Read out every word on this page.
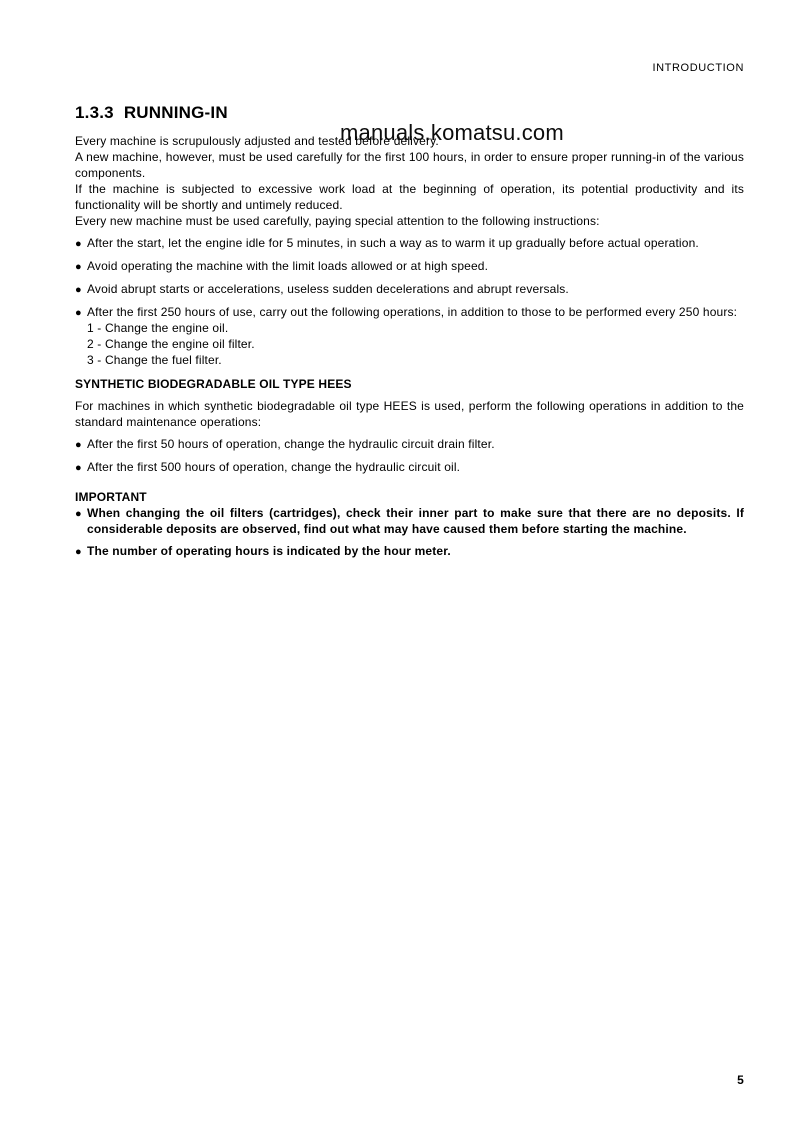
INTRODUCTION
manuals.komatsu.com
1.3.3 RUNNING-IN

Every machine is scrupulously adjusted and tested before delivery.

A new machine, however, must be used carefully for the first 100 hours, in order to ensure proper running-in of the various components.

If the machine is subjected to excessive work load at the beginning of operation, its potential productivity and its functionality will be shortly and untimely reduced.

Every new machine must be used carefully, paying special attention to the following instructions:

● After the start, let the engine idle for 5 minutes, in such a way as to warm it up gradually before actual operation.
● Avoid operating the machine with the limit loads allowed or at high speed.
● Avoid abrupt starts or accelerations, useless sudden decelerations and abrupt reversals.
● After the first 250 hours of use, carry out the following operations, in addition to those to be performed every 250 hours:
1 - Change the engine oil.
2 - Change the engine oil filter.
3 - Change the fuel filter.
SYNTHETIC BIODEGRADABLE OIL TYPE HEES

For machines in which synthetic biodegradable oil type HEES is used, perform the following operations in addition to the standard maintenance operations:

● After the first 50 hours of operation, change the hydraulic circuit drain filter.
● After the first 500 hours of operation, change the hydraulic circuit oil.
IMPORTANT
● When changing the oil filters (cartridges), check their inner part to make sure that there are no deposits. If considerable deposits are observed, find out what may have caused them before starting the machine.
● The number of operating hours is indicated by the hour meter.
5
